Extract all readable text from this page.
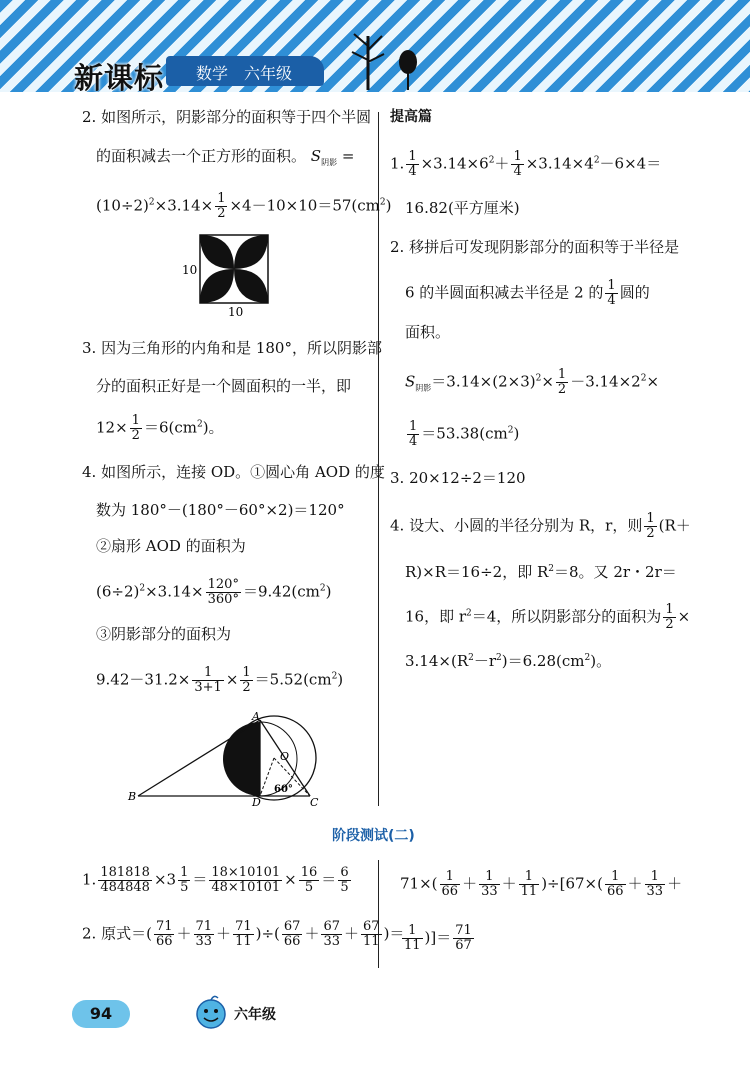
新课标 数学　六年级
2. 如图所示，阴影部分的面积等于四个半圆
的面积减去一个正方形的面积。 $S_{阴影}$ =
$(10\div 2)^2\times 3.14\times \frac{1}{2} \times 4-10\times 10=57(cm^2)$
10
10
3. 因为三角形的内角和是 180°，所以阴影部
分的面积正好是一个圆面积的一半，即
$12\times \frac{1}{2} =6(cm^2)$。
4. 如图所示，连接 OD。①圆心角 AOD 的度
数为 180°－(180°－60°×2)＝120°
②扇形 AOD 的面积为
$(6\div 2)^2\times 3.14\times \frac{120^\circ}{360^\circ} =9.42(cm^2)$
③阴影部分的面积为
$9.42-31.2\times \frac{1}{3+1} \times \frac{1}{2} =5.52(cm^2)$
A
B	C
D
O
60°
提高篇
1. $\frac{1}{4} \times 3.14\times 6^2+ \frac{1}{4} \times 3.14\times 4^2-6\times 4=$
16.82(平方厘米)
2. 移拼后可发现阴影部分的面积等于半径是
6 的半圆面积减去半径是 2 的 $\frac{1}{4}$ 圆的
面积。
$S_{阴影}=3.14\times(2\times 3)^2\times \frac{1}{2} -3.14\times 2^2\times$
$\frac{1}{4} =53.38(cm^2)$
3. 20×12÷2＝120
4. 设大、小圆的半径分别为 R，r，则 $\frac{1}{2} (R+$
R)×R＝16÷2，即 $R^2=8$。又 2r・2r＝
16，即 $r^2=4$，所以阴影部分的面积为 $\frac{1}{2}$ ×
$3.14\times(R^2-r^2)=6.28(cm^2)$。
阶段测试(二)
1. $\frac{181818}{484848} \times 3 \frac{1}{5} = \frac{18\times 10101}{48\times 10101} \times \frac{16}{5} = \frac{6}{5}$
2. 原式＝( $\frac{71}{66} + \frac{71}{33} + \frac{71}{11}$ )÷( $\frac{67}{66} + \frac{67}{33} + \frac{67}{11}$ )＝
$71\times( \frac{1}{66} + \frac{1}{33} + \frac{1}{11} )\div[67\times( \frac{1}{66} + \frac{1}{33}$ ＋
$\frac{1}{11}$ )]＝ $\frac{71}{67}$
94	六年级
